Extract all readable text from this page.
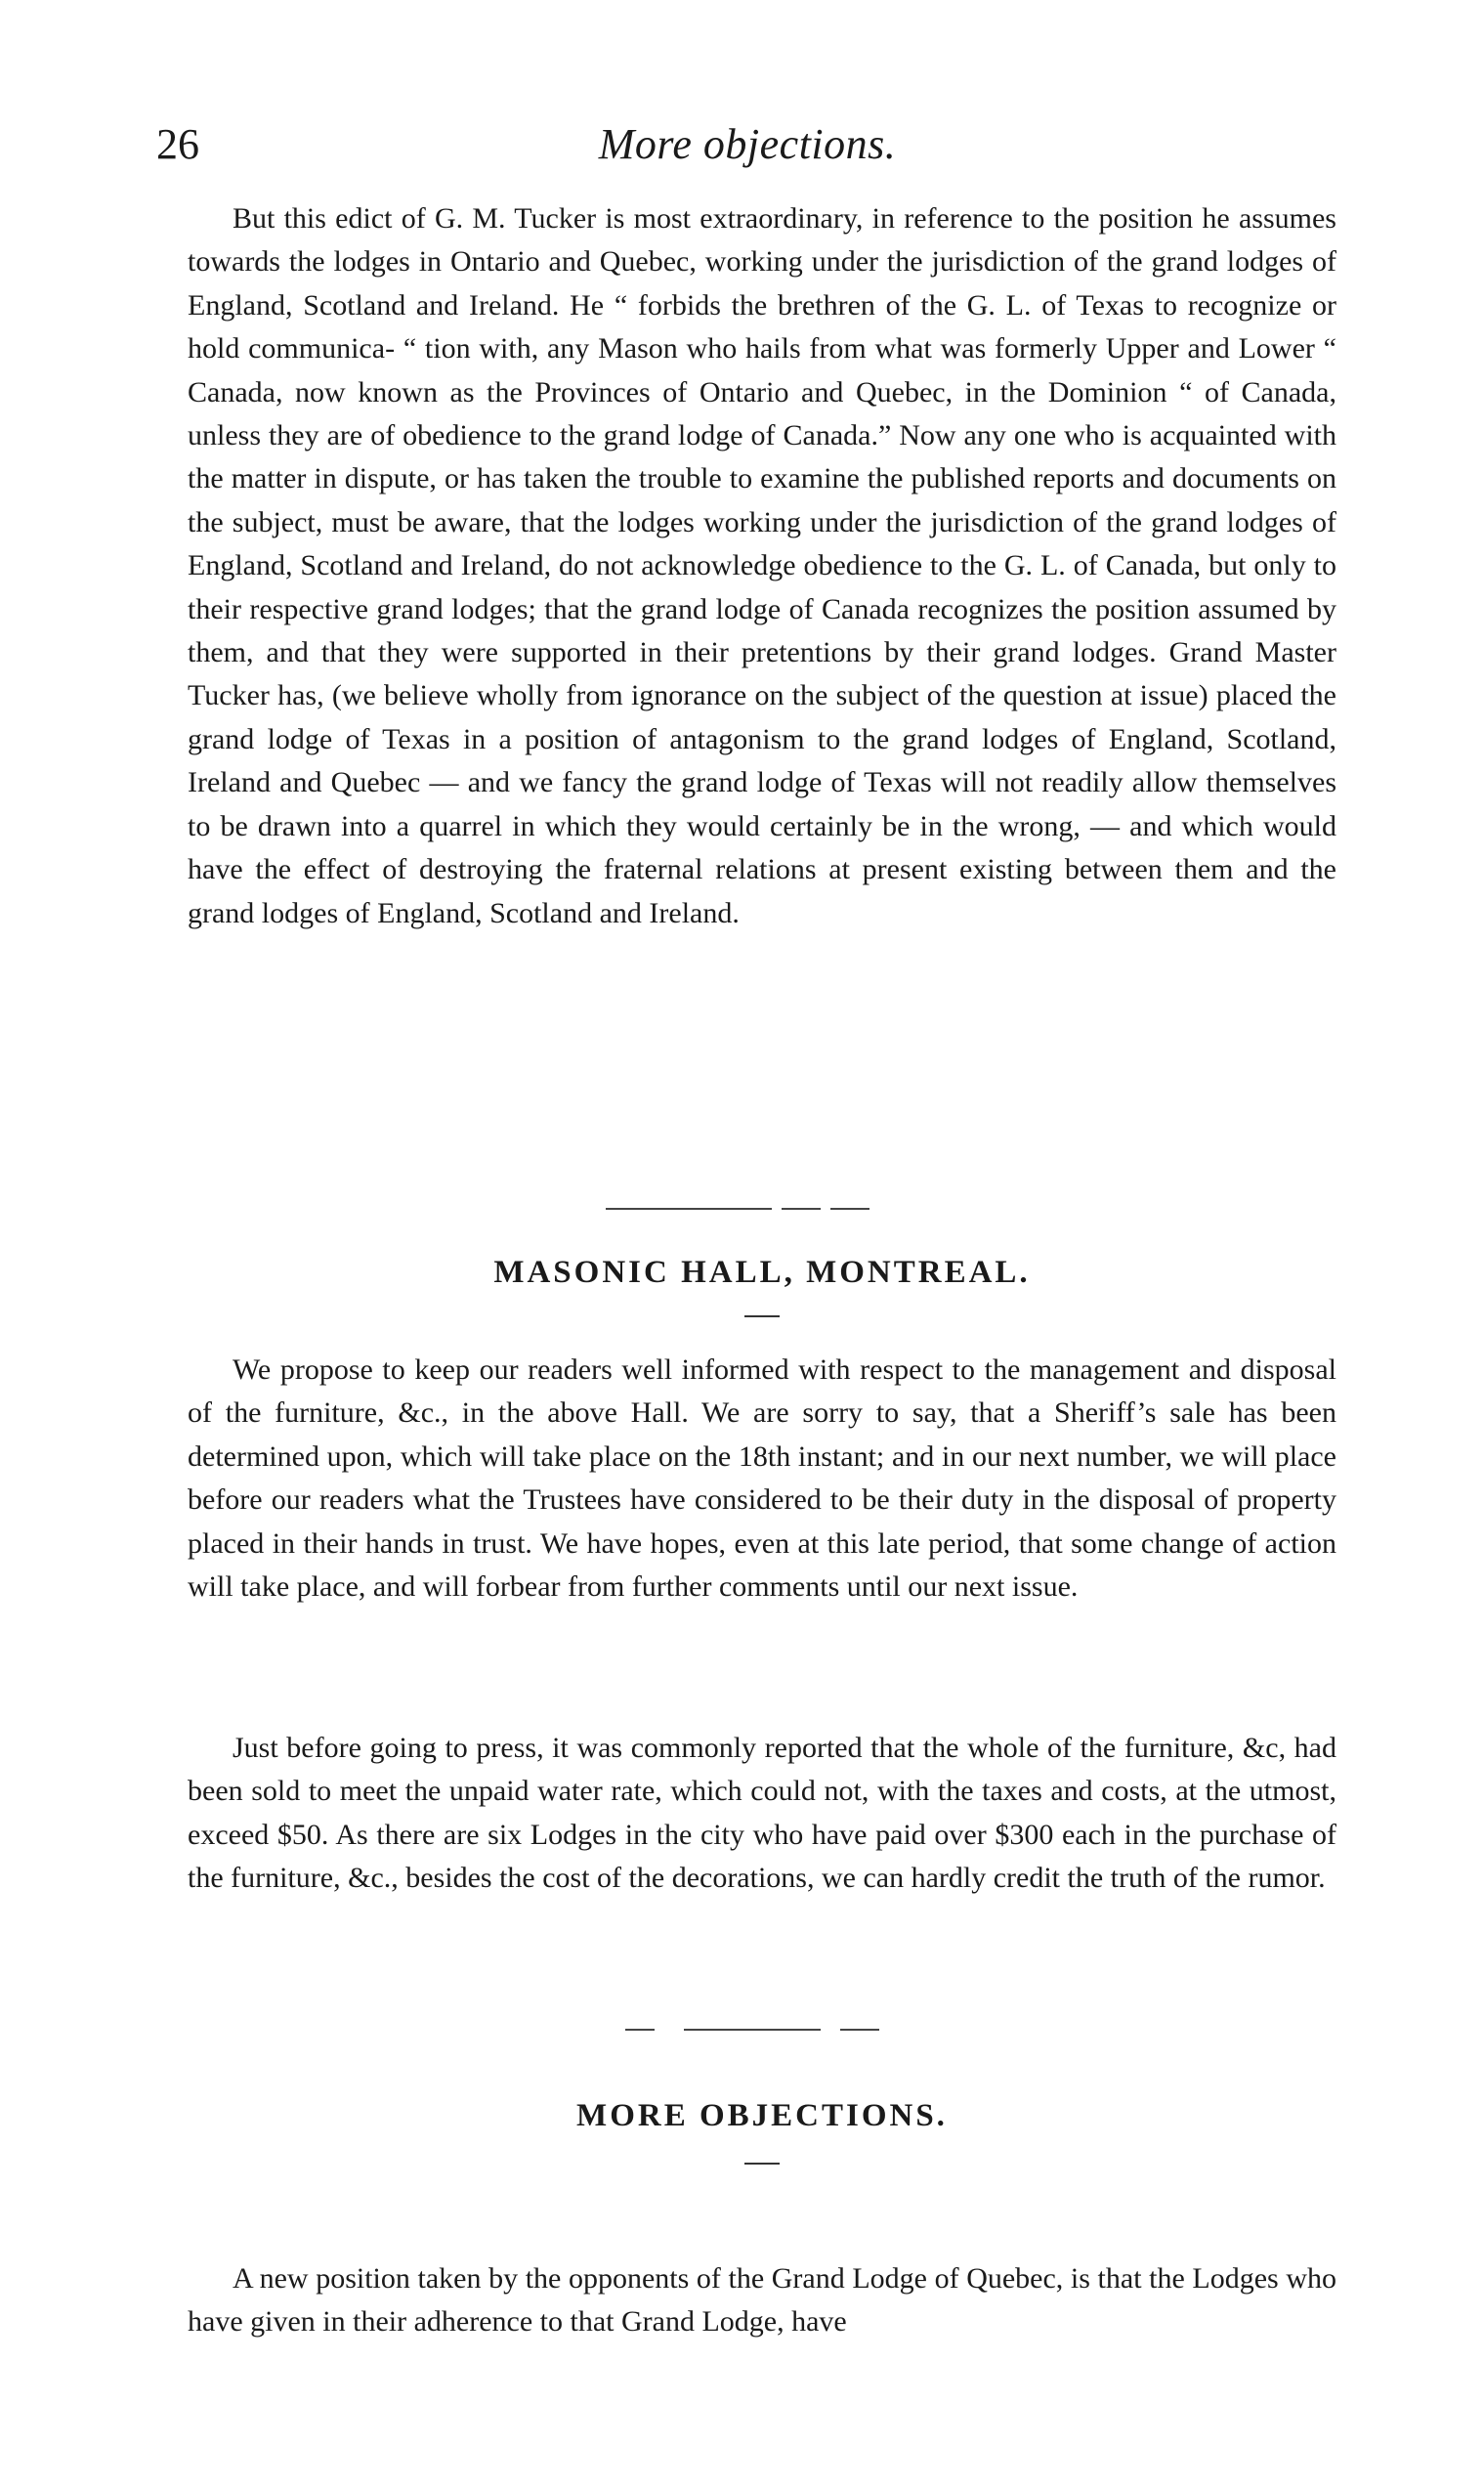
26	More objections.

But this edict of G. M. Tucker is most extraordinary, in reference to the position he assumes towards the lodges in Ontario and Quebec, working under the jurisdiction of the grand lodges of England, Scotland and Ireland. He “ forbids the brethren of the G. L. of Texas to recognize or hold communica- “ tion with, any Mason who hails from what was formerly Upper and Lower “ Canada, now known as the Provinces of Ontario and Quebec, in the Dominion “ of Canada, unless they are of obedience to the grand lodge of Canada.” Now any one who is acquainted with the matter in dispute, or has taken the trouble to examine the published reports and documents on the subject, must be aware, that the lodges working under the jurisdiction of the grand lodges of England, Scotland and Ireland, do not acknowledge obedience to the G. L. of Canada, but only to their respective grand lodges; that the grand lodge of Canada recognizes the position assumed by them, and that they were supported in their pretentions by their grand lodges. Grand Master Tucker has, (we believe wholly from ignorance on the subject of the question at issue) placed the grand lodge of Texas in a position of antagonism to the grand lodges of England, Scotland, Ireland and Quebec — and we fancy the grand lodge of Texas will not readily allow themselves to be drawn into a quarrel in which they would certainly be in the wrong, — and which would have the effect of destroying the fraternal relations at present existing between them and the grand lodges of England, Scotland and Ireland.

MASONIC HALL, MONTREAL.

We propose to keep our readers well informed with respect to the management and disposal of the furniture, &c., in the above Hall. We are sorry to say, that a Sheriff’s sale has been determined upon, which will take place on the 18th instant; and in our next number, we will place before our readers what the Trustees have considered to be their duty in the disposal of property placed in their hands in trust. We have hopes, even at this late period, that some change of action will take place, and will forbear from further comments until our next issue.

Just before going to press, it was commonly reported that the whole of the furniture, &c, had been sold to meet the unpaid water rate, which could not, with the taxes and costs, at the utmost, exceed $50. As there are six Lodges in the city who have paid over $300 each in the purchase of the furniture, &c., besides the cost of the decorations, we can hardly credit the truth of the rumor.

MORE OBJECTIONS.

A new position taken by the opponents of the Grand Lodge of Quebec, is that the Lodges who have given in their adherence to that Grand Lodge, have
